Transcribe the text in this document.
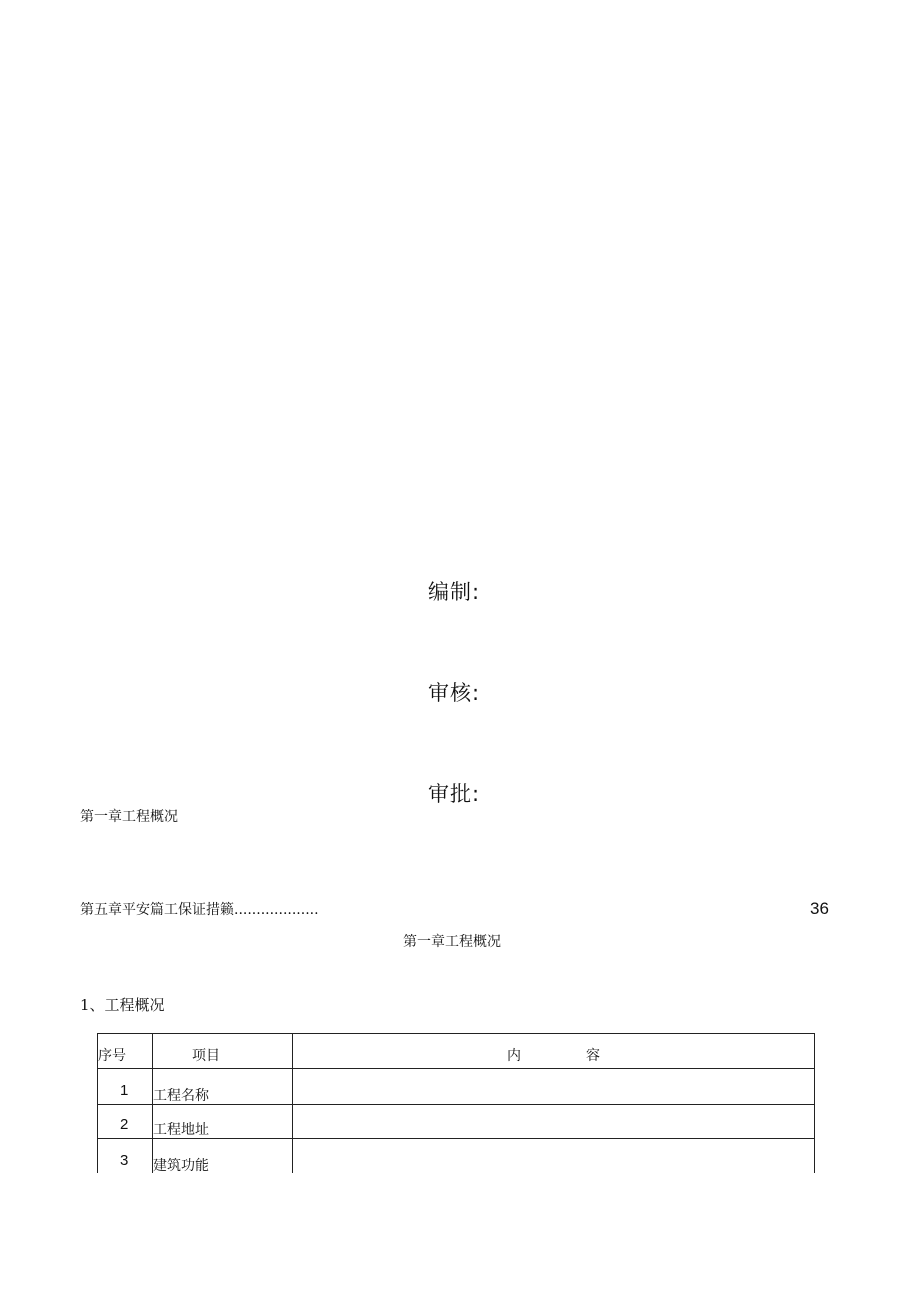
编制:
审核:
审批:
第一章工程概况
第五章平安篇工保证措籁...................	36
第一章工程概况
1、工程概况
序号	项目	内	容
1 工程名称
2 工程地址
3 建筑功能
